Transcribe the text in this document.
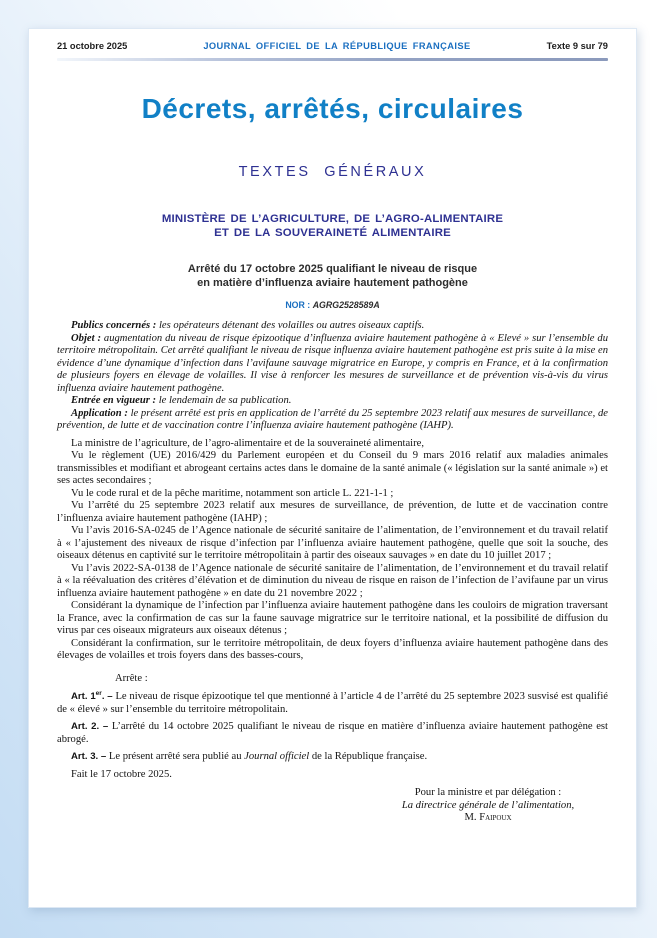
21 octobre 2025	JOURNAL OFFICIEL DE LA RÉPUBLIQUE FRANÇAISE	Texte 9 sur 79
Décrets, arrêtés, circulaires
TEXTES GÉNÉRAUX
MINISTÈRE DE L’AGRICULTURE, DE L’AGRO-ALIMENTAIRE
ET DE LA SOUVERAINETÉ ALIMENTAIRE
Arrêté du 17 octobre 2025 qualifiant le niveau de risque
en matière d’influenza aviaire hautement pathogène
NOR : AGRG2528589A

Publics concernés : les opérateurs détenant des volailles ou autres oiseaux captifs.

Objet : augmentation du niveau de risque épizootique d’influenza aviaire hautement pathogène à « Elevé » sur l’ensemble du territoire métropolitain. Cet arrêté qualifiant le niveau de risque influenza aviaire hautement pathogène est pris suite à la mise en évidence d’une dynamique d’infection dans l’avifaune sauvage migratrice en Europe, y compris en France, et à la confirmation de plusieurs foyers en élevage de volailles. Il vise à renforcer les mesures de surveillance et de prévention vis-à-vis du virus influenza aviaire hautement pathogène.

Entrée en vigueur : le lendemain de sa publication.

Application : le présent arrêté est pris en application de l’arrêté du 25 septembre 2023 relatif aux mesures de surveillance, de prévention, de lutte et de vaccination contre l’influenza aviaire hautement pathogène (IAHP).

La ministre de l’agriculture, de l’agro-alimentaire et de la souveraineté alimentaire,

Vu le règlement (UE) 2016/429 du Parlement européen et du Conseil du 9 mars 2016 relatif aux maladies animales transmissibles et modifiant et abrogeant certains actes dans le domaine de la santé animale (« législation sur la santé animale ») et ses actes secondaires ;

Vu le code rural et de la pêche maritime, notamment son article L. 221-1-1 ;

Vu l’arrêté du 25 septembre 2023 relatif aux mesures de surveillance, de prévention, de lutte et de vaccination contre l’influenza aviaire hautement pathogène (IAHP) ;

Vu l’avis 2016-SA-0245 de l’Agence nationale de sécurité sanitaire de l’alimentation, de l’environnement et du travail relatif à « l’ajustement des niveaux de risque d’infection par l’influenza aviaire hautement pathogène, quelle que soit la souche, des oiseaux détenus en captivité sur le territoire métropolitain à partir des oiseaux sauvages » en date du 10 juillet 2017 ;

Vu l’avis 2022-SA-0138 de l’Agence nationale de sécurité sanitaire de l’alimentation, de l’environnement et du travail relatif à « la réévaluation des critères d’élévation et de diminution du niveau de risque en raison de l’infection de l’avifaune par un virus influenza aviaire hautement pathogène » en date du 21 novembre 2022 ;

Considérant la dynamique de l’infection par l’influenza aviaire hautement pathogène dans les couloirs de migration traversant la France, avec la confirmation de cas sur la faune sauvage migratrice sur le territoire national, et la possibilité de diffusion du virus par ces oiseaux migrateurs aux oiseaux détenus ;

Considérant la confirmation, sur le territoire métropolitain, de deux foyers d’influenza aviaire hautement pathogène dans des élevages de volailles et trois foyers dans des basses-cours,

Arrête :

Art. 1er. – Le niveau de risque épizootique tel que mentionné à l’article 4 de l’arrêté du 25 septembre 2023 susvisé est qualifié de « élevé » sur l’ensemble du territoire métropolitain.

Art. 2. – L’arrêté du 14 octobre 2025 qualifiant le niveau de risque en matière d’influenza aviaire hautement pathogène est abrogé.

Art. 3. – Le présent arrêté sera publié au Journal officiel de la République française.

Fait le 17 octobre 2025.

Pour la ministre et par délégation :
La directrice générale de l’alimentation,
M. Faipoux
